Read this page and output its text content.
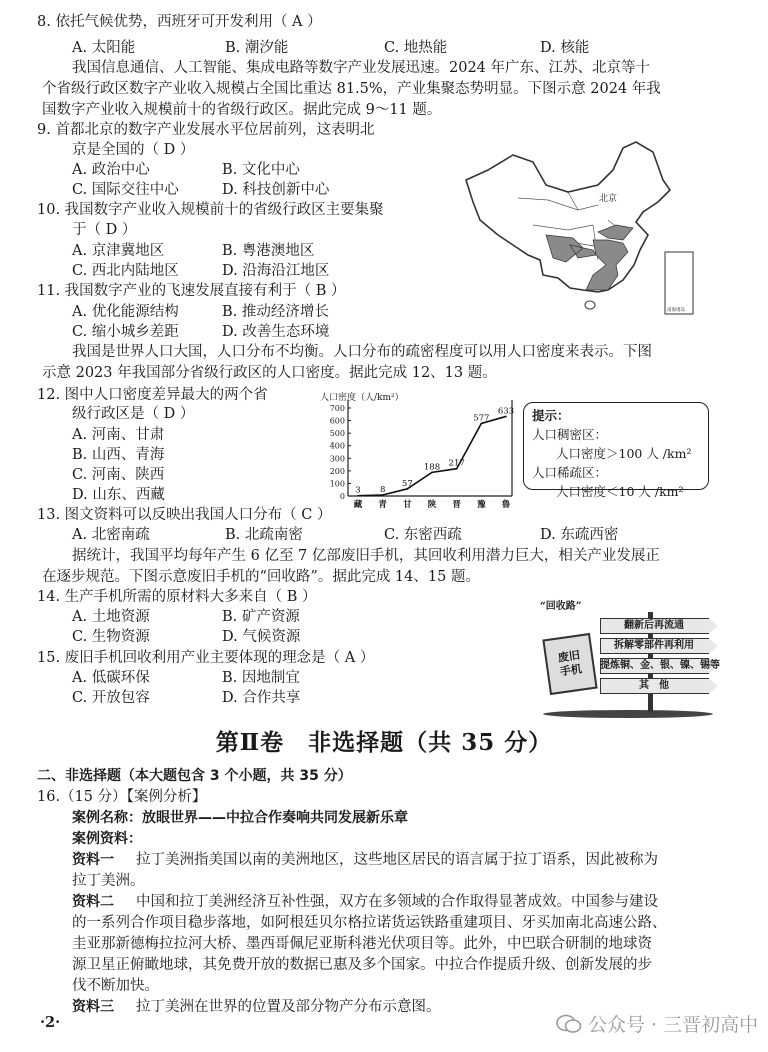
8. 依托气候优势，西班牙可开发利用（ A ）
A. 太阳能	B. 潮汐能	C. 地热能	D. 核能
我国信息通信、人工智能、集成电路等数字产业发展迅速。2024 年广东、江苏、北京等十
个省级行政区数字产业收入规模占全国比重达 81.5%，产业集聚态势明显。下图示意 2024 年我
国数字产业收入规模前十的省级行政区。据此完成 9～11 题。
9. 首都北京的数字产业发展水平位居前列，这表明北
京是全国的（ D ）
A. 政治中心	B. 文化中心
C. 国际交往中心	D. 科技创新中心
10. 我国数字产业收入规模前十的省级行政区主要集聚
于（ D ）
A. 京津冀地区	B. 粤港澳地区
C. 西北内陆地区	D. 沿海沿江地区
11. 我国数字产业的飞速发展直接有利于（ B ）
A. 优化能源结构	B. 推动经济增长
C. 缩小城乡差距	D. 改善生态环境
北京
南海诸岛
我国是世界人口大国，人口分布不均衡。人口分布的疏密程度可以用人口密度来表示。下图
示意 2023 年我国部分省级行政区的人口密度。据此完成 12、13 题。
12. 图中人口密度差异最大的两个省
级行政区是（ D ）
A. 河南、甘肃
B. 山西、青海
C. 河南、陕西
D. 山东、西藏
人口密度（人/km²）
0
100
200
300
400
500
600
700
3
藏
8
青
57
甘
188
陕
217
晋
577
豫
633
鲁
提示：
人口稠密区：
人口密度＞100 人 /km²
人口稀疏区：
人口密度＜10 人 /km²
13. 图文资料可以反映出我国人口分布（ C ）
A. 北密南疏	B. 北疏南密	C. 东密西疏	D. 东疏西密
据统计，我国平均每年产生 6 亿至 7 亿部废旧手机，其回收利用潜力巨大，相关产业发展正
在逐步规范。下图示意废旧手机的“回收路”。据此完成 14、15 题。
14. 生产手机所需的原材料大多来自（ B ）
A. 土地资源	B. 矿产资源
C. 生物资源	D. 气候资源
15. 废旧手机回收利用产业主要体现的理念是（ A ）
A. 低碳环保	B. 因地制宜
C. 开放包容	D. 合作共享
“回收路”
废旧手机
翻新后再流通
拆解零部件再利用
提炼铜、金、银、镍、锡等
其　他
第Ⅱ卷　非选择题（共 35 分）
二、非选择题（本大题包含 3 个小题，共 35 分）
16.（15 分）【案例分析】
案例名称：放眼世界——中拉合作奏响共同发展新乐章
案例资料：
资料一 拉丁美洲指美国以南的美洲地区，这些地区居民的语言属于拉丁语系，因此被称为
拉丁美洲。
资料二 中国和拉丁美洲经济互补性强，双方在多领域的合作取得显著成效。中国参与建设
的一系列合作项目稳步落地，如阿根廷贝尔格拉诺货运铁路重建项目、牙买加南北高速公路、
圭亚那新德梅拉拉河大桥、墨西哥佩尼亚斯科港光伏项目等。此外，中巴联合研制的地球资
源卫星正俯瞰地球，其免费开放的数据已惠及多个国家。中拉合作提质升级、创新发展的步
伐不断加快。
资料三 拉丁美洲在世界的位置及部分物产分布示意图。
·2·	公众号 · 三晋初高中
